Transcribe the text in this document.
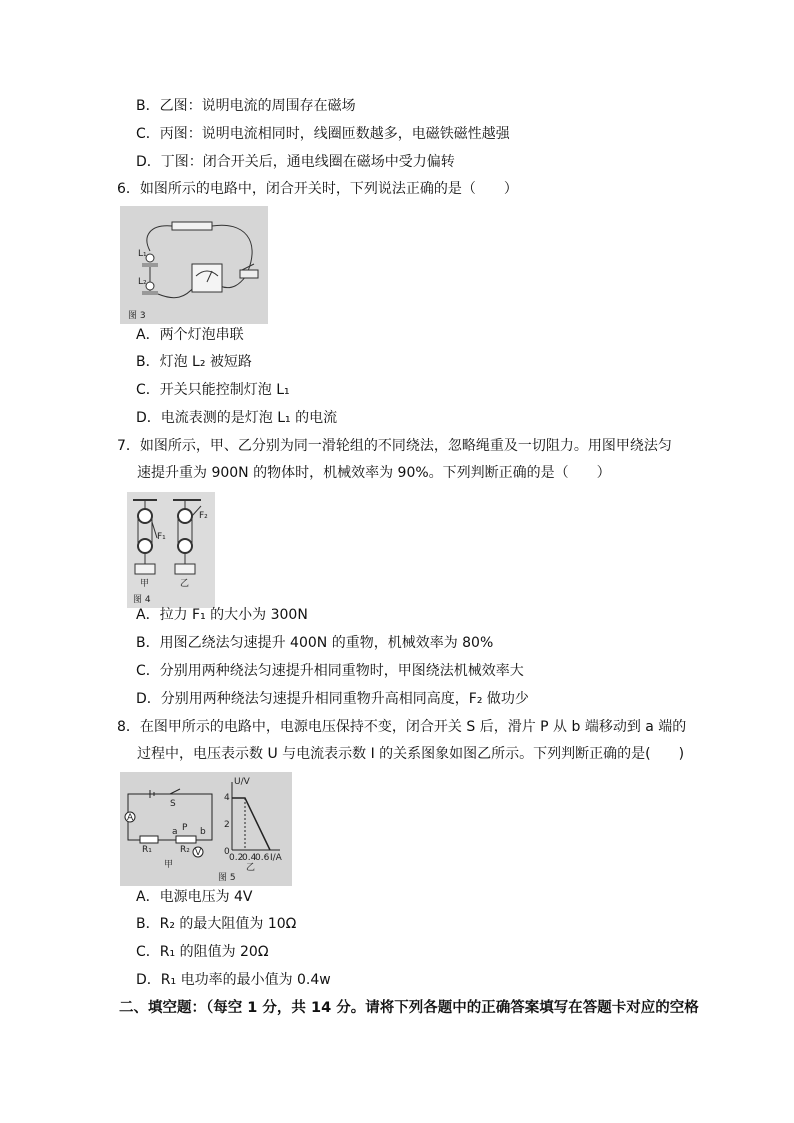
B．乙图：说明电流的周围存在磁场
C．丙图：说明电流相同时，线圈匝数越多，电磁铁磁性越强
D．丁图：闭合开关后，通电线圈在磁场中受力偏转
6．如图所示的电路中，闭合开关时，下列说法正确的是（　　）
L₁
L₂
图 3
A．两个灯泡串联
B．灯泡 L₂ 被短路
C．开关只能控制灯泡 L₁
D．电流表测的是灯泡 L₁ 的电流
7．如图所示，甲、乙分别为同一滑轮组的不同绕法，忽略绳重及一切阻力。用图甲绕法匀
速提升重为 900N 的物体时，机械效率为 90%。下列判断正确的是（　　）
F₁
F₂
甲	乙
图 4
A．拉力 F₁ 的大小为 300N
B．用图乙绕法匀速提升 400N 的重物，机械效率为 80%
C．分别用两种绕法匀速提升相同重物时，甲图绕法机械效率大
D．分别用两种绕法匀速提升相同重物升高相同高度，F₂ 做功少
8．在图甲所示的电路中，电源电压保持不变，闭合开关 S 后，滑片 P 从 b 端移动到 a 端的
过程中，电压表示数 U 与电流表示数 I 的关系图象如图乙所示。下列判断正确的是(　　)
S
A
R₁
P
a b
R₂ V
甲
U/V
4
2
0
0.2
0.4
0.6 I/A
乙
图 5
A．电源电压为 4V
B．R₂ 的最大阻值为 10Ω
C．R₁ 的阻值为 20Ω
D．R₁ 电功率的最小值为 0.4w
二、填空题：（每空 1 分，共 14 分。请将下列各题中的正确答案填写在答题卡对应的空格
